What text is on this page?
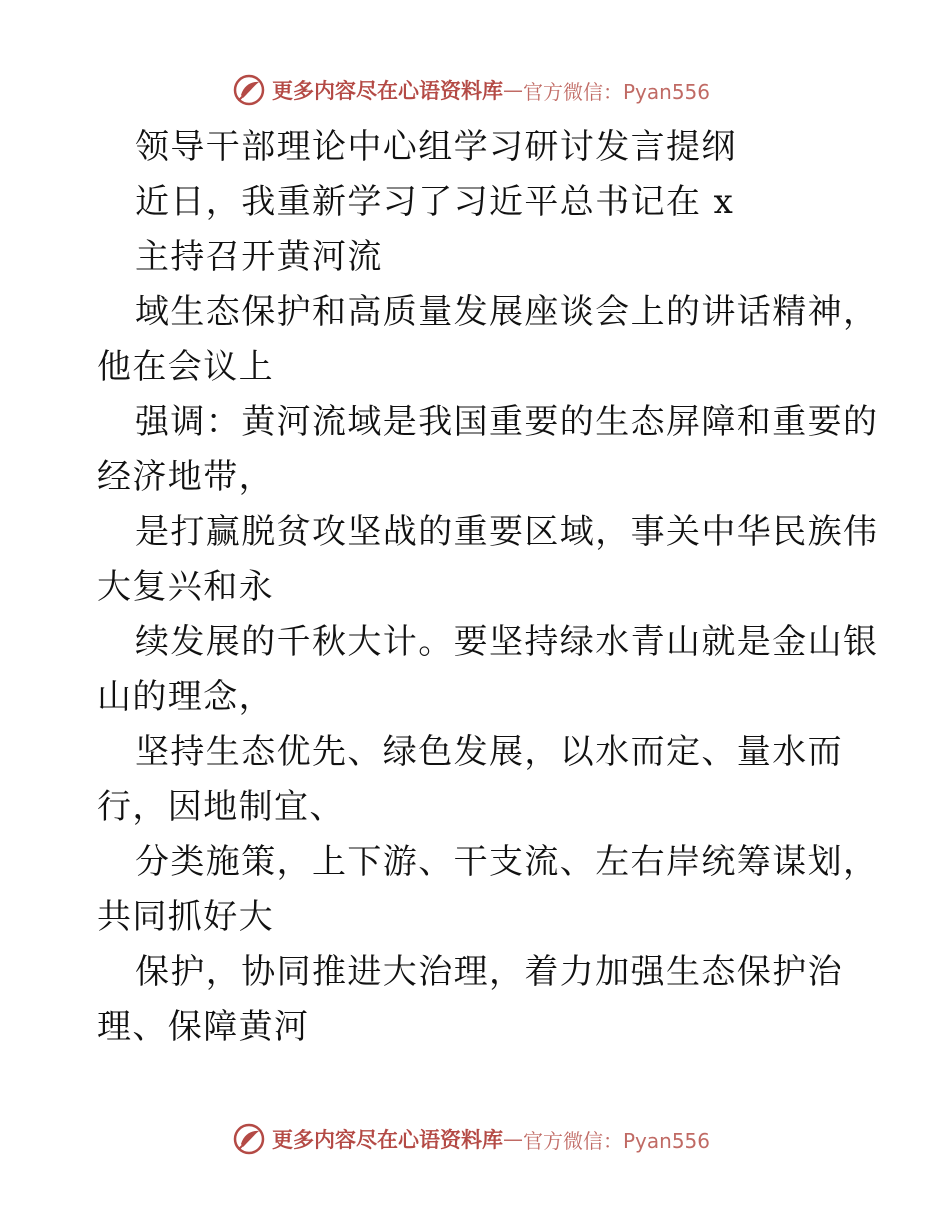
更多内容尽在心语资料库 — 官方微信：Pyan556
领导干部理论中心组学习研讨发言提纲
近日，我重新学习了习近平总书记在 x
主持召开黄河流
域生态保护和高质量发展座谈会上的讲话精神，
他在会议上
强调：黄河流域是我国重要的生态屏障和重要的
经济地带，
是打赢脱贫攻坚战的重要区域，事关中华民族伟
大复兴和永
续发展的千秋大计。要坚持绿水青山就是金山银
山的理念，
坚持生态优先、绿色发展，以水而定、量水而
行，因地制宜、
分类施策，上下游、干支流、左右岸统筹谋划，
共同抓好大
保护，协同推进大治理，着力加强生态保护治
理、保障黄河
更多内容尽在心语资料库 — 官方微信：Pyan556
